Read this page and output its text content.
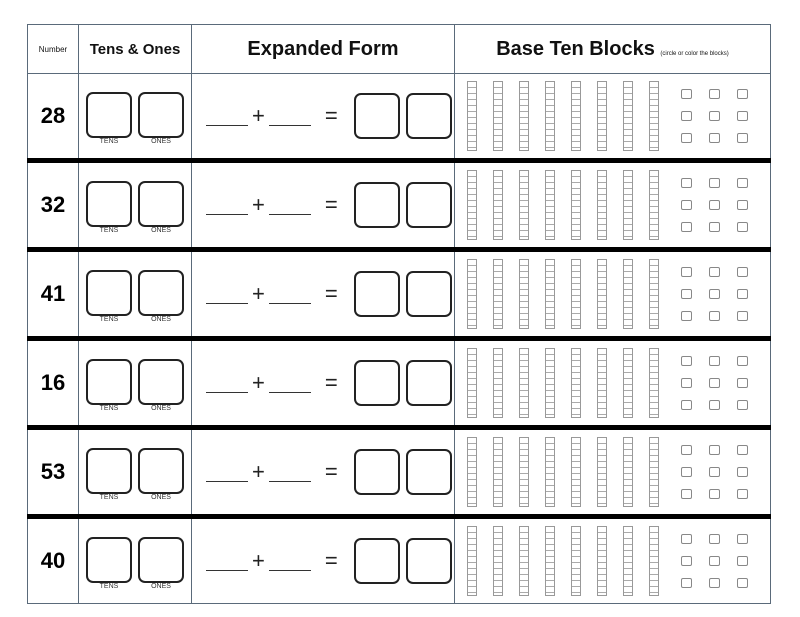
Number	Tens & Ones	Expanded Form	Base Ten Blocks (circle or color the blocks)
28	TENS ONES	+ =	

32	TENS ONES	+ =	

41	TENS ONES	+ =	

16	TENS ONES	+ =	

53	TENS ONES	+ =	

40	TENS ONES	+ =	
